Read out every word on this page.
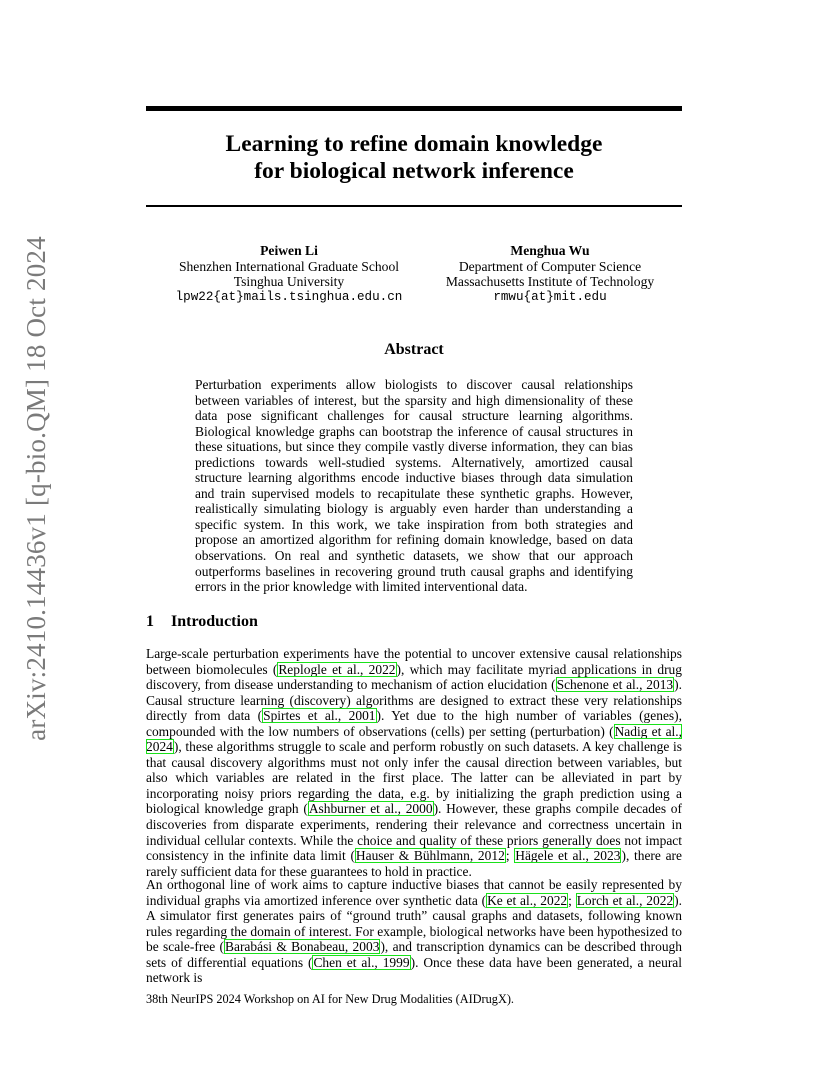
arXiv:2410.14436v1 [q-bio.QM] 18 Oct 2024
Learning to refine domain knowledge
for biological network inference
Peiwen Li
Shenzhen International Graduate School
Tsinghua University
lpw22{at}mails.tsinghua.edu.cn
Menghua Wu
Department of Computer Science
Massachusetts Institute of Technology
rmwu{at}mit.edu
Abstract
Perturbation experiments allow biologists to discover causal relationships between variables of interest, but the sparsity and high dimensionality of these data pose significant challenges for causal structure learning algorithms. Biological knowledge graphs can bootstrap the inference of causal structures in these situations, but since they compile vastly diverse information, they can bias predictions towards well-studied systems. Alternatively, amortized causal structure learning algorithms encode inductive biases through data simulation and train supervised models to recapitulate these synthetic graphs. However, realistically simulating biology is arguably even harder than understanding a specific system. In this work, we take inspiration from both strategies and propose an amortized algorithm for refining domain knowledge, based on data observations. On real and synthetic datasets, we show that our approach outperforms baselines in recovering ground truth causal graphs and identifying errors in the prior knowledge with limited interventional data.
1 Introduction
Large-scale perturbation experiments have the potential to uncover extensive causal relationships between biomolecules (Replogle et al., 2022), which may facilitate myriad applications in drug discovery, from disease understanding to mechanism of action elucidation (Schenone et al., 2013). Causal structure learning (discovery) algorithms are designed to extract these very relationships directly from data (Spirtes et al., 2001). Yet due to the high number of variables (genes), compounded with the low numbers of observations (cells) per setting (perturbation) (Nadig et al., 2024), these algorithms struggle to scale and perform robustly on such datasets. A key challenge is that causal discovery algorithms must not only infer the causal direction between variables, but also which variables are related in the first place. The latter can be alleviated in part by incorporating noisy priors regarding the data, e.g. by initializing the graph prediction using a biological knowledge graph (Ashburner et al., 2000). However, these graphs compile decades of discoveries from disparate experiments, rendering their relevance and correctness uncertain in individual cellular contexts. While the choice and quality of these priors generally does not impact consistency in the infinite data limit (Hauser & Bühlmann, 2012; Hägele et al., 2023), there are rarely sufficient data for these guarantees to hold in practice.
An orthogonal line of work aims to capture inductive biases that cannot be easily represented by individual graphs via amortized inference over synthetic data (Ke et al., 2022; Lorch et al., 2022). A simulator first generates pairs of “ground truth” causal graphs and datasets, following known rules regarding the domain of interest. For example, biological networks have been hypothesized to be scale-free (Barabási & Bonabeau, 2003), and transcription dynamics can be described through sets of differential equations (Chen et al., 1999). Once these data have been generated, a neural network is
38th NeurIPS 2024 Workshop on AI for New Drug Modalities (AIDrugX).
